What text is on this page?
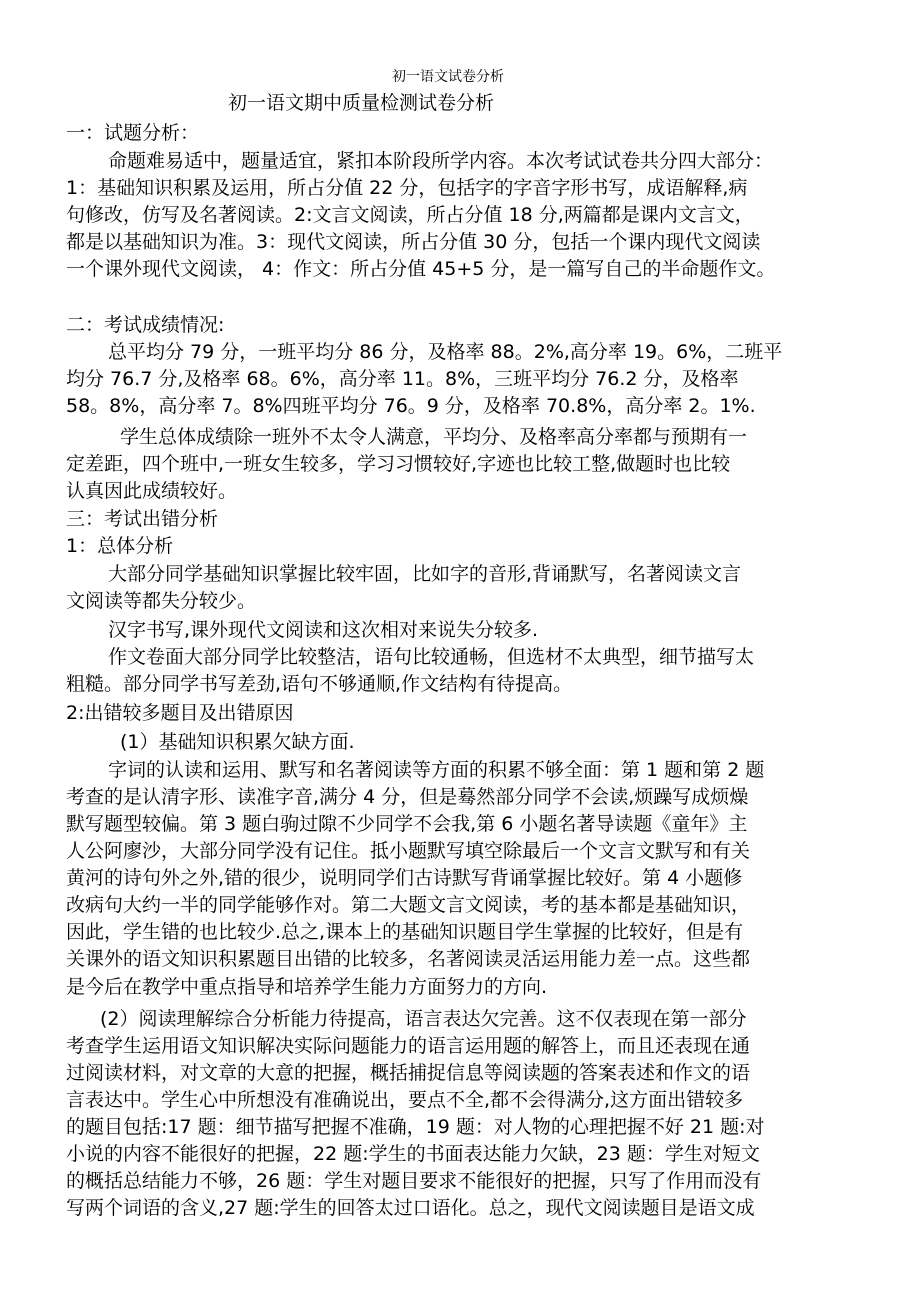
初一语文试卷分析
初一语文期中质量检测试卷分析
一：试题分析：
命题难易适中，题量适宜，紧扣本阶段所学内容。本次考试试卷共分四大部分：
1：基础知识积累及运用，所占分值 22 分，包括字的字音字形书写，成语解释,病
句修改，仿写及名著阅读。2:文言文阅读，所占分值 18 分,两篇都是课内文言文，
都是以基础知识为准。3：现代文阅读，所占分值 30 分，包括一个课内现代文阅读
一个课外现代文阅读， 4：作文：所占分值 45+5 分，是一篇写自己的半命题作文。
二：考试成绩情况:
总平均分 79 分，一班平均分 86 分，及格率 88。2%,高分率 19。6%，二班平
均分 76.7 分,及格率 68。6%，高分率 11。8%，三班平均分 76.2 分，及格率
58。8%，高分率 7。8%四班平均分 76。9 分，及格率 70.8%，高分率 2。1%.
学生总体成绩除一班外不太令人满意，平均分、及格率高分率都与预期有一
定差距，四个班中,一班女生较多，学习习惯较好,字迹也比较工整,做题时也比较
认真因此成绩较好。
三：考试出错分析
1：总体分析
大部分同学基础知识掌握比较牢固，比如字的音形,背诵默写，名著阅读文言
文阅读等都失分较少。
汉字书写,课外现代文阅读和这次相对来说失分较多.
作文卷面大部分同学比较整洁，语句比较通畅，但选材不太典型，细节描写太
粗糙。部分同学书写差劲,语句不够通顺,作文结构有待提高。
2:出错较多题目及出错原因
(1）基础知识积累欠缺方面.
字词的认读和运用、默写和名著阅读等方面的积累不够全面：第 1 题和第 2 题
考查的是认清字形、读准字音,满分 4 分，但是蓦然部分同学不会读,烦躁写成烦燥
默写题型较偏。第 3 题白驹过隙不少同学不会我,第 6 小题名著导读题《童年》主
人公阿廖沙，大部分同学没有记住。抵小题默写填空除最后一个文言文默写和有关
黄河的诗句外之外,错的很少，说明同学们古诗默写背诵掌握比较好。第 4 小题修
改病句大约一半的同学能够作对。第二大题文言文阅读，考的基本都是基础知识，
因此，学生错的也比较少.总之,课本上的基础知识题目学生掌握的比较好，但是有
关课外的语文知识积累题目出错的比较多，名著阅读灵活运用能力差一点。这些都
是今后在教学中重点指导和培养学生能力方面努力的方向.
(2）阅读理解综合分析能力待提高，语言表达欠完善。这不仅表现在第一部分
考查学生运用语文知识解决实际问题能力的语言运用题的解答上，而且还表现在通
过阅读材料，对文章的大意的把握，概括捕捉信息等阅读题的答案表述和作文的语
言表达中。学生心中所想没有准确说出，要点不全,都不会得满分,这方面出错较多
的题目包括:17 题：细节描写把握不准确，19 题：对人物的心理把握不好 21 题:对
小说的内容不能很好的把握，22 题:学生的书面表达能力欠缺，23 题：学生对短文
的概括总结能力不够，26 题：学生对题目要求不能很好的把握，只写了作用而没有
写两个词语的含义,27 题:学生的回答太过口语化。总之，现代文阅读题目是语文成
